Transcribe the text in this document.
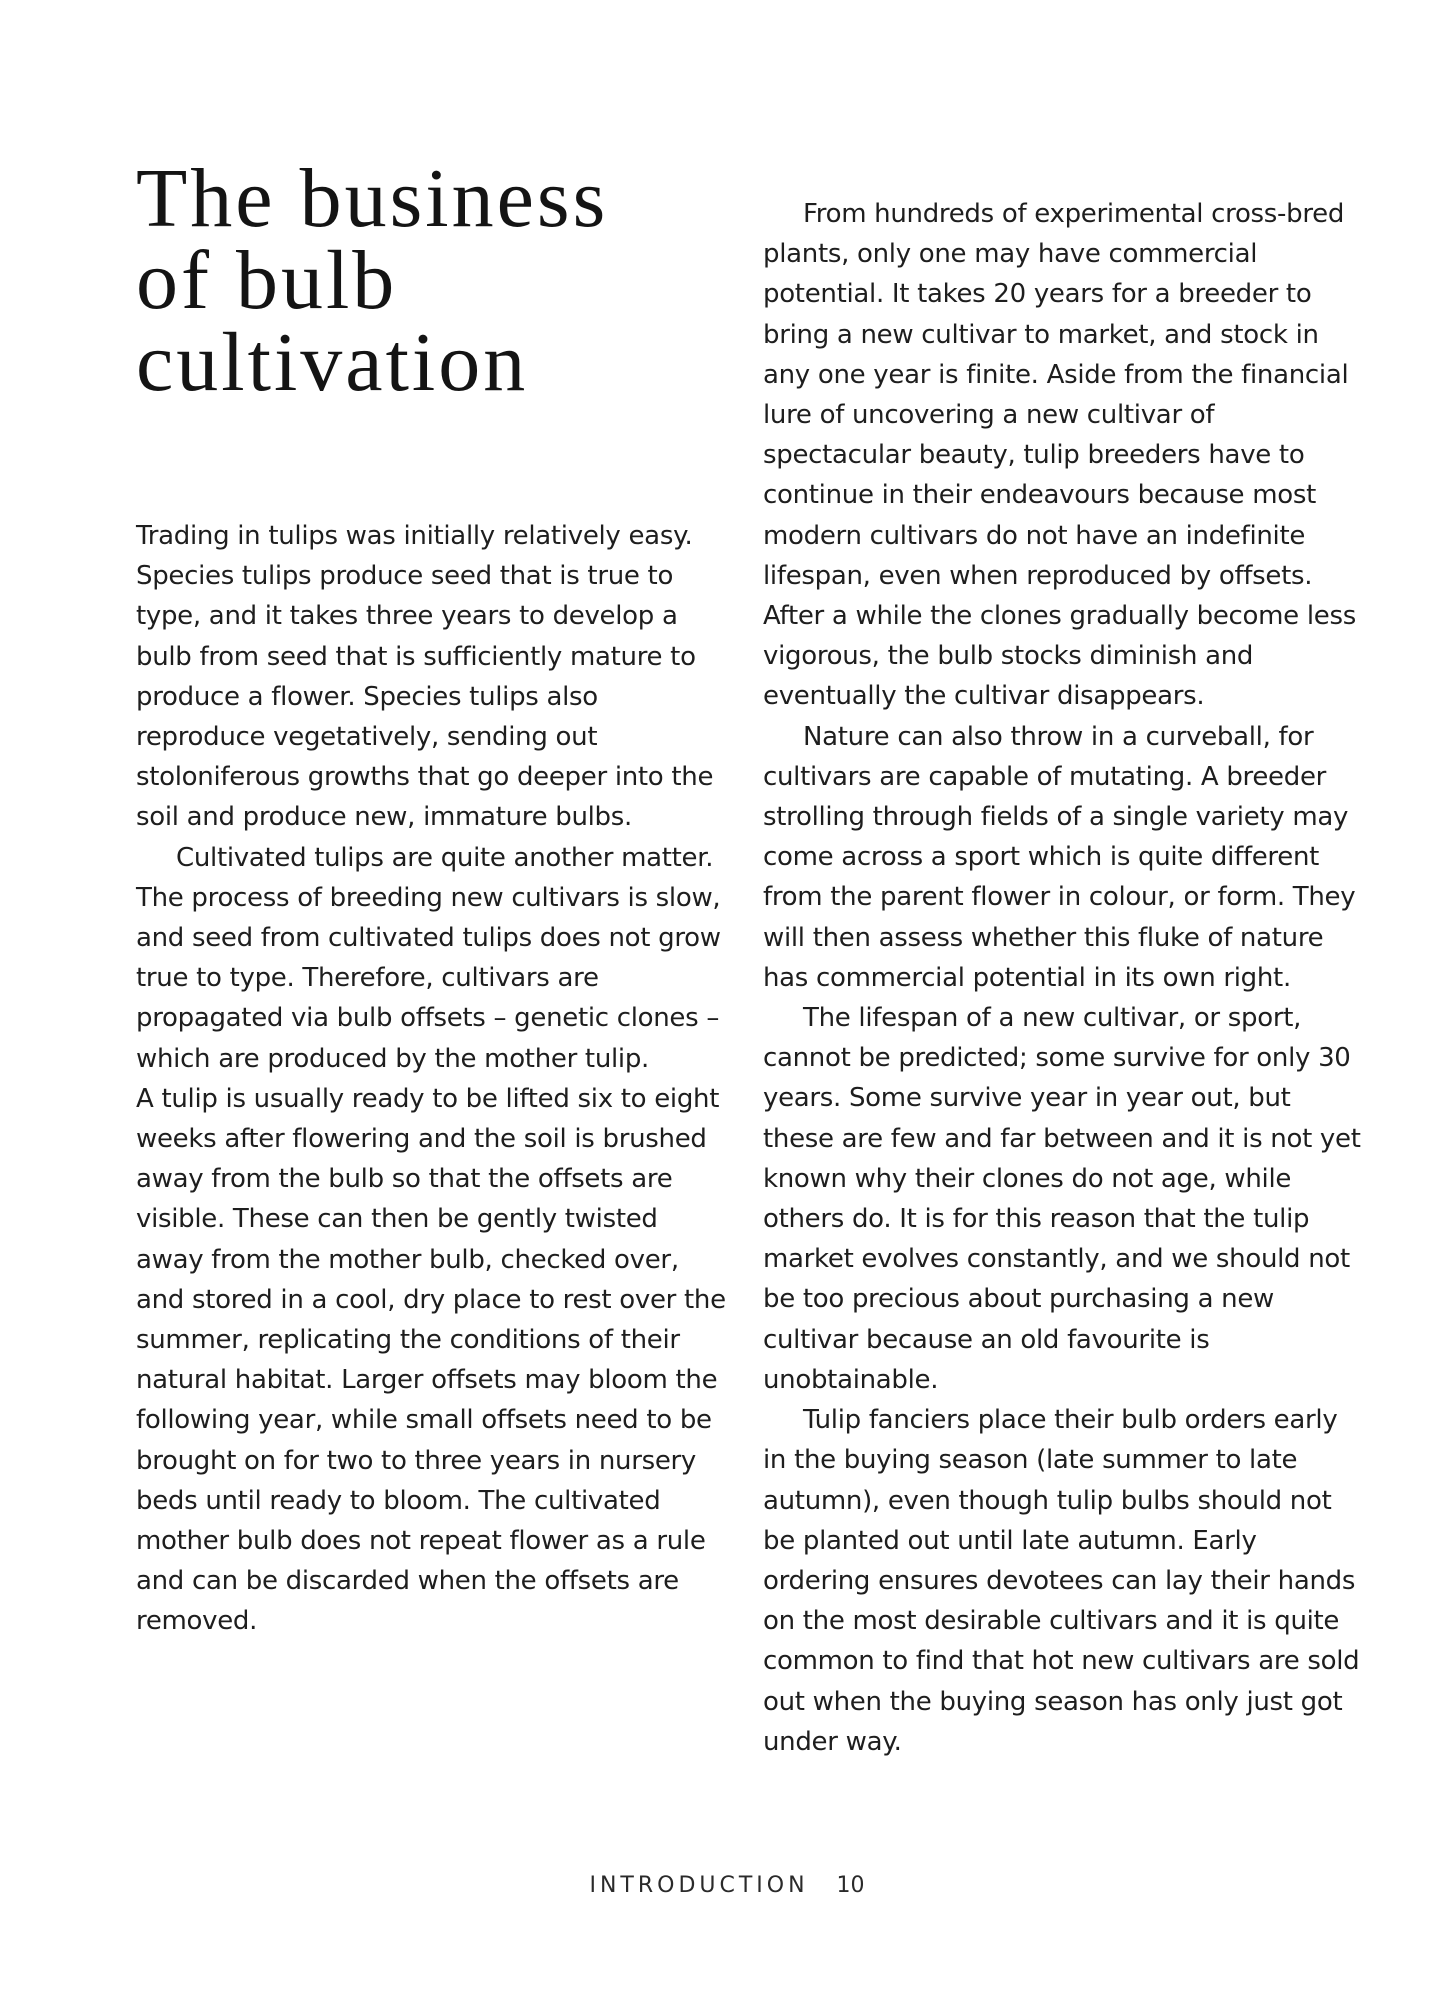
The business
of bulb
cultivation

Trading in tulips was initially relatively easy. Species tulips produce seed that is true to type, and it takes three years to develop a bulb from seed that is sufficiently mature to produce a flower. Species tulips also reproduce vegetatively, sending out stoloniferous growths that go deeper into the soil and produce new, immature bulbs.

Cultivated tulips are quite another matter. The process of breeding new cultivars is slow, and seed from cultivated tulips does not grow true to type. Therefore, cultivars are propagated via bulb offsets – genetic clones – which are produced by the mother tulip.

A tulip is usually ready to be lifted six to eight weeks after flowering and the soil is brushed away from the bulb so that the offsets are visible. These can then be gently twisted away from the mother bulb, checked over, and stored in a cool, dry place to rest over the summer, replicating the conditions of their natural habitat. Larger offsets may bloom the following year, while small offsets need to be brought on for two to three years in nursery beds until ready to bloom. The cultivated mother bulb does not repeat flower as a rule and can be discarded when the offsets are removed.

From hundreds of experimental cross-bred plants, only one may have commercial potential. It takes 20 years for a breeder to bring a new cultivar to market, and stock in any one year is finite. Aside from the financial lure of uncovering a new cultivar of spectacular beauty, tulip breeders have to continue in their endeavours because most modern cultivars do not have an indefinite lifespan, even when reproduced by offsets. After a while the clones gradually become less vigorous, the bulb stocks diminish and eventually the cultivar disappears.

Nature can also throw in a curveball, for cultivars are capable of mutating. A breeder strolling through fields of a single variety may come across a sport which is quite different from the parent flower in colour, or form. They will then assess whether this fluke of nature has commercial potential in its own right.

The lifespan of a new cultivar, or sport, cannot be predicted; some survive for only 30 years. Some survive year in year out, but these are few and far between and it is not yet known why their clones do not age, while others do. It is for this reason that the tulip market evolves constantly, and we should not be too precious about purchasing a new cultivar because an old favourite is unobtainable.

Tulip fanciers place their bulb orders early in the buying season (late summer to late autumn), even though tulip bulbs should not be planted out until late autumn. Early ordering ensures devotees can lay their hands on the most desirable cultivars and it is quite common to find that hot new cultivars are sold out when the buying season has only just got under way.

INTRODUCTION 10
